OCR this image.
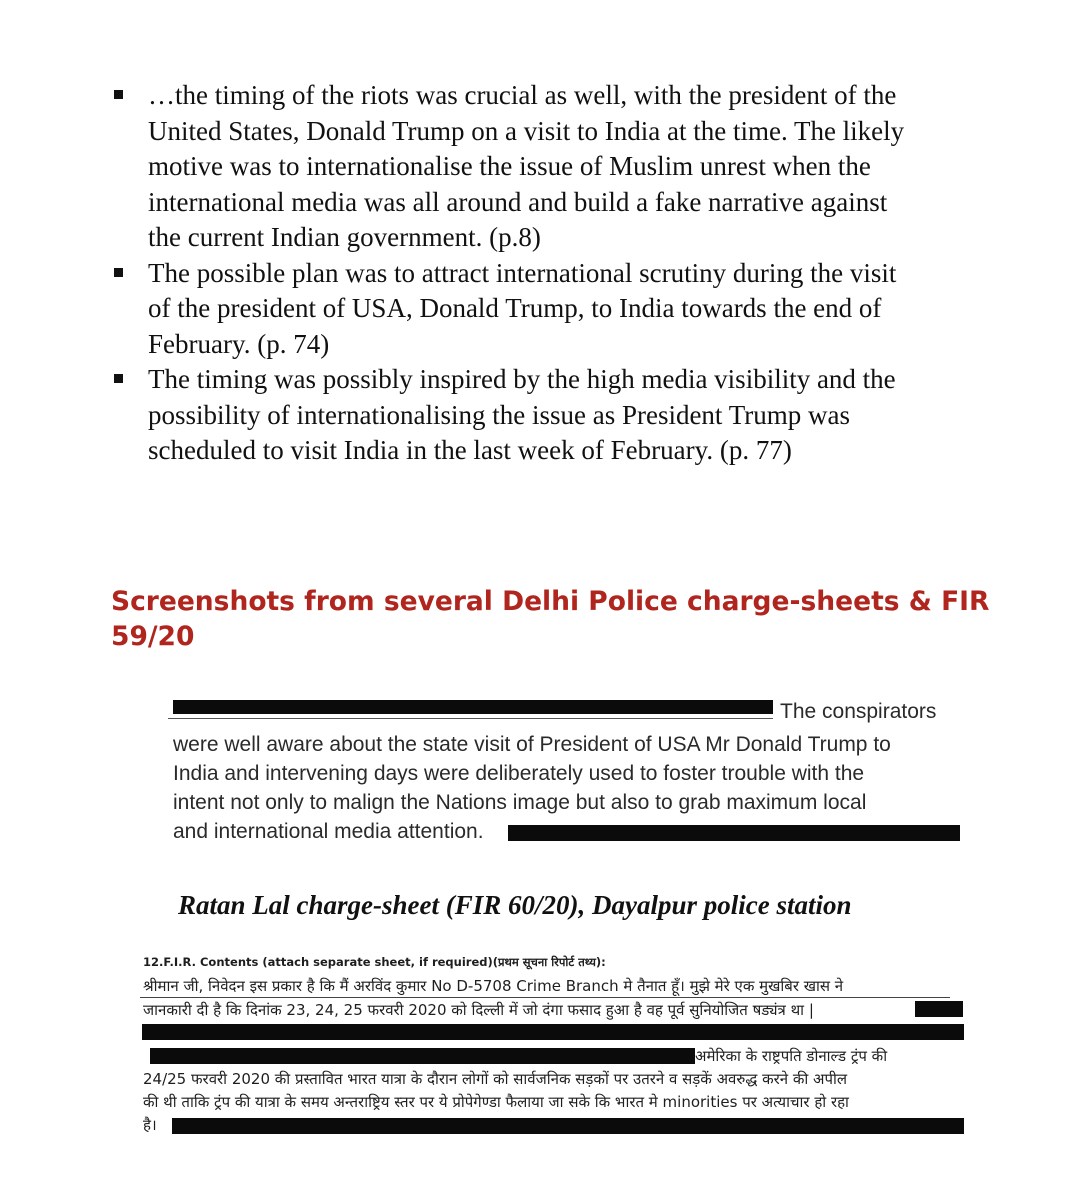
…the timing of the riots was crucial as well, with the president of the
United States, Donald Trump on a visit to India at the time. The likely
motive was to internationalise the issue of Muslim unrest when the
international media was all around and build a fake narrative against
the current Indian government. (p.8)
The possible plan was to attract international scrutiny during the visit
of the president of USA, Donald Trump, to India towards the end of
February. (p. 74)
The timing was possibly inspired by the high media visibility and the
possibility of internationalising the issue as President Trump was
scheduled to visit India in the last week of February. (p. 77)
Screenshots from several Delhi Police charge-sheets & FIR
59/20
The conspirators
were well aware about the state visit of President of USA Mr Donald Trump to
India and intervening days were deliberately used to foster trouble with the
intent not only to malign the Nations image but also to grab maximum local
and international media attention.
Ratan Lal charge-sheet (FIR 60/20), Dayalpur police station
12.F.I.R. Contents (attach separate sheet, if required)(प्रथम सूचना रिपोर्ट तथ्य):
श्रीमान जी, निवेदन इस प्रकार है कि मैं अरविंद कुमार No D-5708 Crime Branch मे तैनात हूँ। मुझे मेरे एक मुखबिर खास ने
जानकारी दी है कि दिनांक 23, 24, 25 फरवरी 2020 को दिल्ली में जो दंगा फसाद हुआ है वह पूर्व सुनियोजित षड्यंत्र था |
अमेरिका के राष्ट्रपति डोनाल्ड ट्रंप की
24/25 फरवरी 2020 की प्रस्तावित भारत यात्रा के दौरान लोगों को सार्वजनिक सड़कों पर उतरने व सड़कें अवरुद्ध करने की अपील
की थी ताकि ट्रंप की यात्रा के समय अन्तराष्ट्रिय स्तर पर ये प्रोपेगेण्डा फैलाया जा सके कि भारत मे minorities पर अत्याचार हो रहा
है।
